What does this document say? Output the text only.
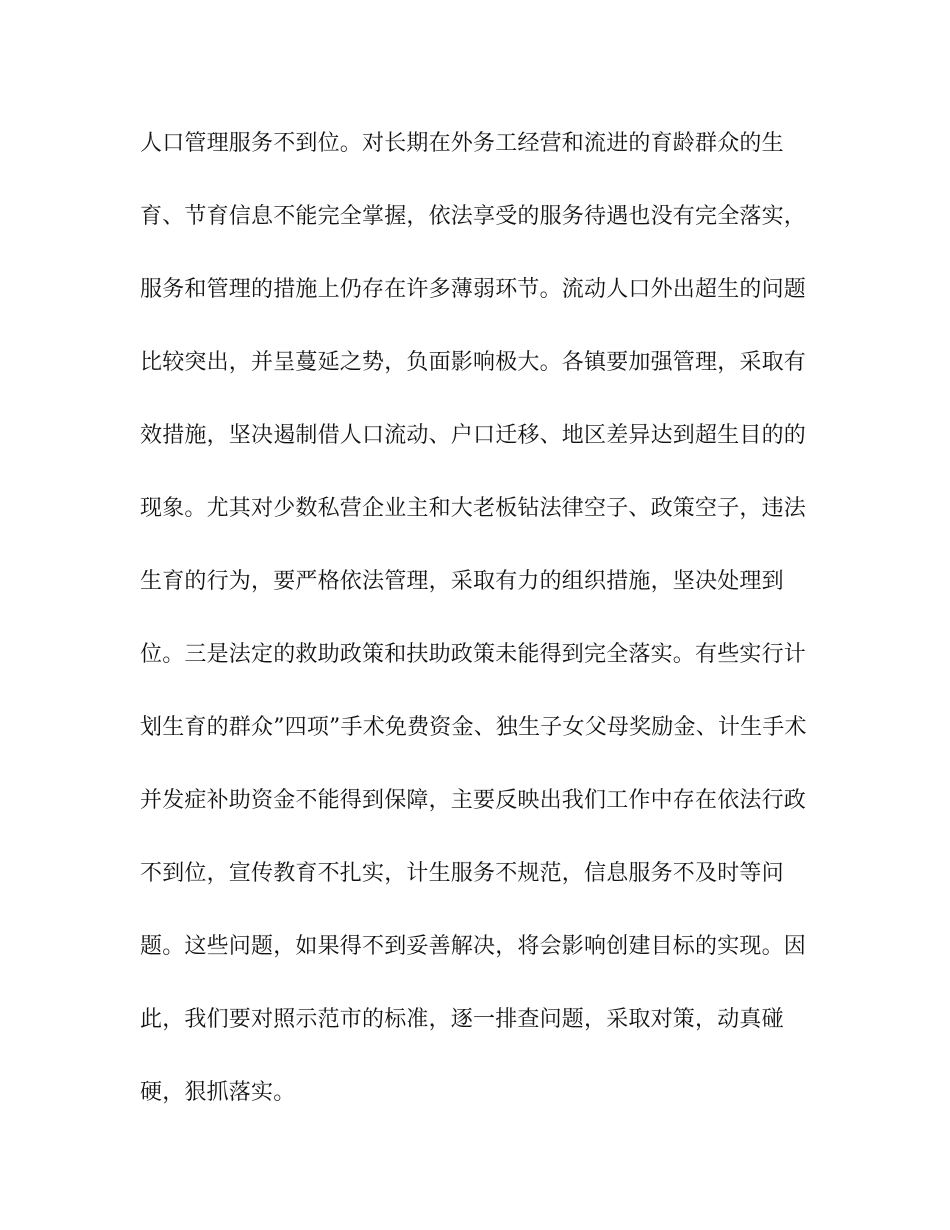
人口管理服务不到位。对长期在外务工经营和流进的育龄群众的生
育、节育信息不能完全掌握，依法享受的服务待遇也没有完全落实，
服务和管理的措施上仍存在许多薄弱环节。流动人口外出超生的问题
比较突出，并呈蔓延之势，负面影响极大。各镇要加强管理，采取有
效措施，坚决遏制借人口流动、户口迁移、地区差异达到超生目的的
现象。尤其对少数私营企业主和大老板钻法律空子、政策空子，违法
生育的行为，要严格依法管理，采取有力的组织措施，坚决处理到
位。三是法定的救助政策和扶助政策未能得到完全落实。有些实行计
划生育的群众”四项”手术免费资金、独生子女父母奖励金、计生手术
并发症补助资金不能得到保障，主要反映出我们工作中存在依法行政
不到位，宣传教育不扎实，计生服务不规范，信息服务不及时等问
题。这些问题，如果得不到妥善解决，将会影响创建目标的实现。因
此，我们要对照示范市的标准，逐一排查问题，采取对策，动真碰
硬，狠抓落实。
